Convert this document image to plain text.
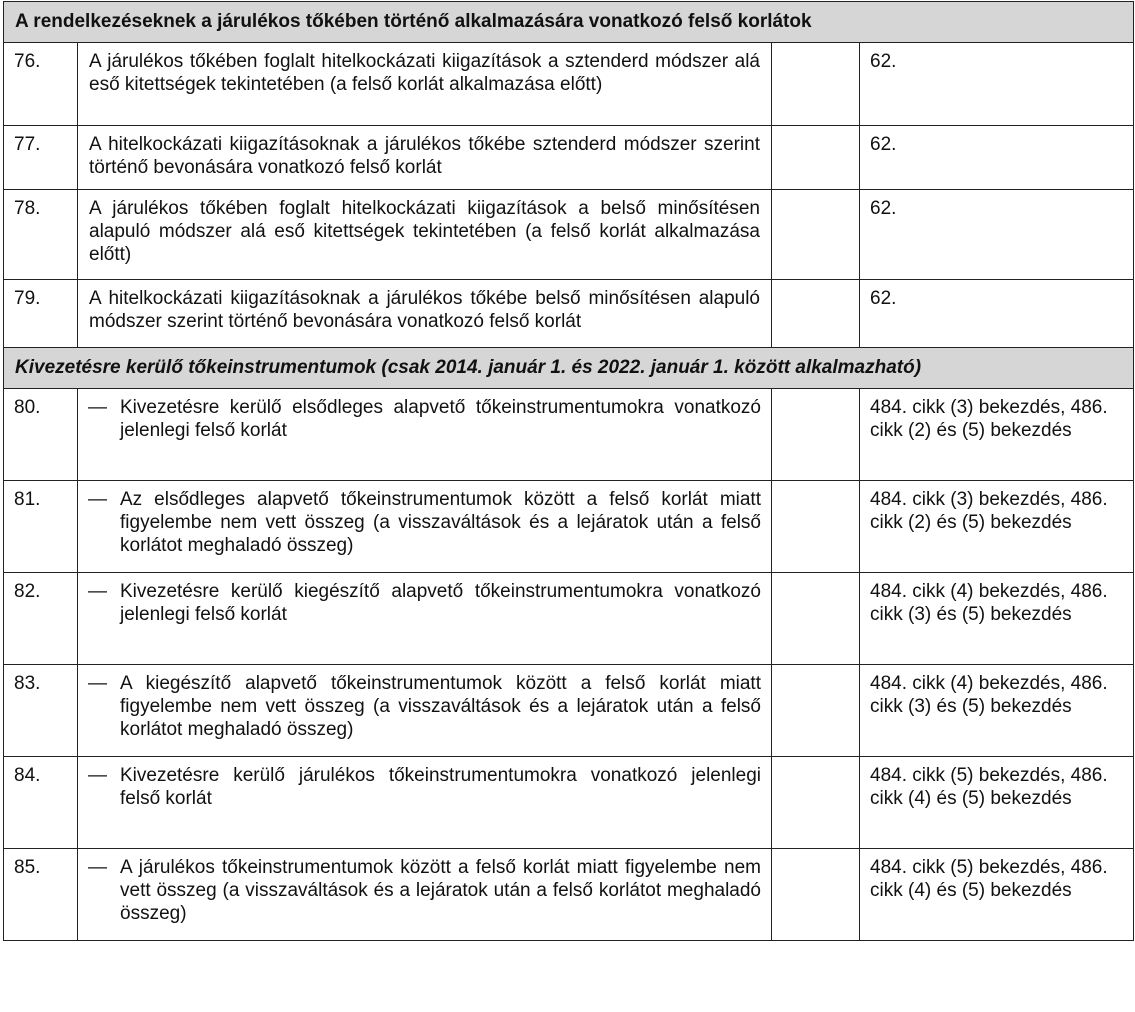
A rendelkezéseknek a járulékos tőkében történő alkalmazására vonatkozó felső korlátok			
76.	A járulékos tőkében foglalt hitelkockázati kiigazítások a sztenderd módszer alá eső kitettségek tekintetében (a felső korlát alkalmazása előtt)		62.
77.	A hitelkockázati kiigazításoknak a járulékos tőkébe sztenderd módszer szerint történő bevonására vonatkozó felső korlát		62.
78.	A járulékos tőkében foglalt hitelkockázati kiigazítások a belső minősítésen alapuló módszer alá eső kitettségek tekintetében (a felső korlát alkalmazása előtt)		62.
79.	A hitelkockázati kiigazításoknak a járulékos tőkébe belső minősítésen alapuló módszer szerint történő bevonására vonatkozó felső korlát		62.
Kivezetésre kerülő tőkeinstrumentumok (csak 2014. január 1. és 2022. január 1. között alkalmazható)			
80.	— Kivezetésre kerülő elsődleges alapvető tőkeinstrumentumokra vonatkozó jelenlegi felső korlát		484. cikk (3) bekezdés, 486. cikk (2) és (5) bekezdés
81.	— Az elsődleges alapvető tőkeinstrumentumok között a felső korlát miatt figyelembe nem vett összeg (a visszaváltások és a lejáratok után a felső korlátot meghaladó összeg)		484. cikk (3) bekezdés, 486. cikk (2) és (5) bekezdés
82.	— Kivezetésre kerülő kiegészítő alapvető tőkeinstrumentumokra vonatkozó jelenlegi felső korlát		484. cikk (4) bekezdés, 486. cikk (3) és (5) bekezdés
83.	— A kiegészítő alapvető tőkeinstrumentumok között a felső korlát miatt figyelembe nem vett összeg (a visszaváltások és a lejáratok után a felső korlátot meghaladó összeg)		484. cikk (4) bekezdés, 486. cikk (3) és (5) bekezdés
84.	— Kivezetésre kerülő járulékos tőkeinstrumentumokra vonatkozó jelenlegi felső korlát		484. cikk (5) bekezdés, 486. cikk (4) és (5) bekezdés
85.	— A járulékos tőkeinstrumentumok között a felső korlát miatt figyelembe nem vett összeg (a visszaváltások és a lejáratok után a felső korlátot meghaladó összeg)		484. cikk (5) bekezdés, 486. cikk (4) és (5) bekezdés
